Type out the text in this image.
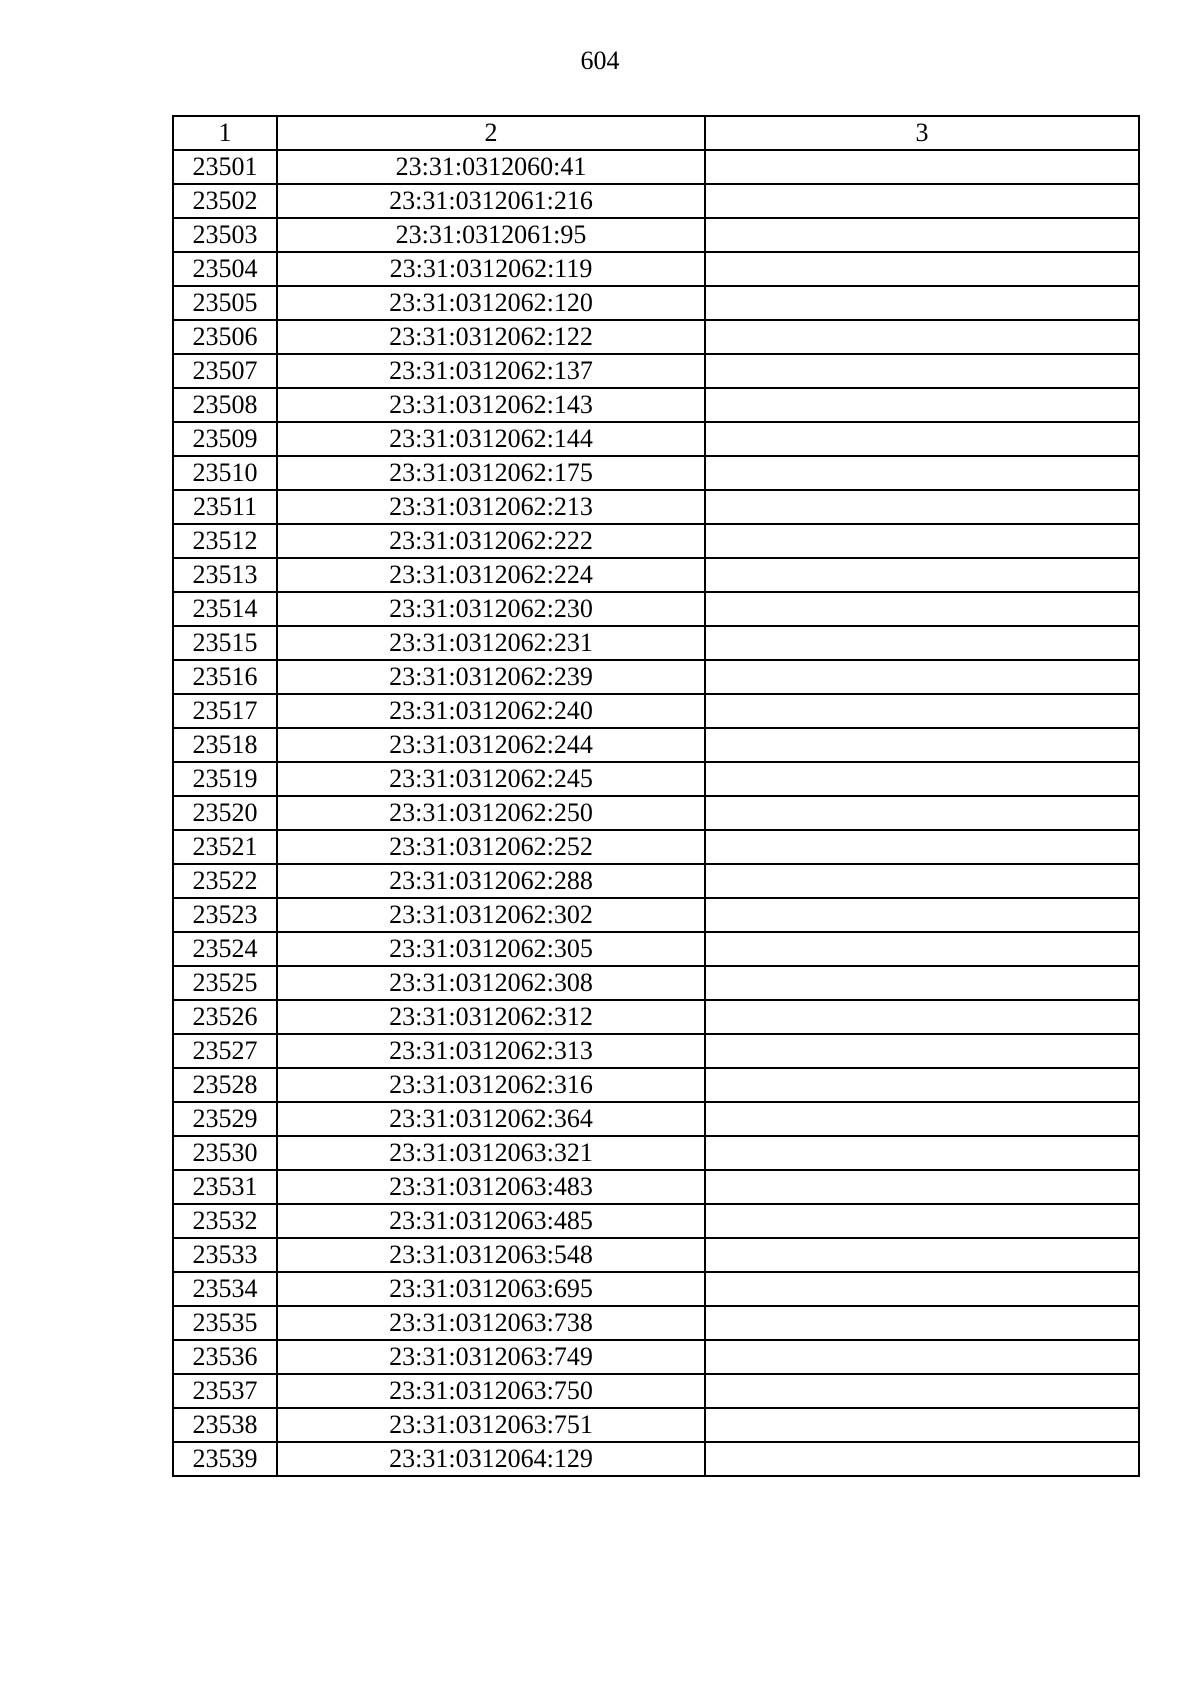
604
1	2	3
23501	23:31:0312060:41	
23502	23:31:0312061:216	
23503	23:31:0312061:95	
23504	23:31:0312062:119	
23505	23:31:0312062:120	
23506	23:31:0312062:122	
23507	23:31:0312062:137	
23508	23:31:0312062:143	
23509	23:31:0312062:144	
23510	23:31:0312062:175	
23511	23:31:0312062:213	
23512	23:31:0312062:222	
23513	23:31:0312062:224	
23514	23:31:0312062:230	
23515	23:31:0312062:231	
23516	23:31:0312062:239	
23517	23:31:0312062:240	
23518	23:31:0312062:244	
23519	23:31:0312062:245	
23520	23:31:0312062:250	
23521	23:31:0312062:252	
23522	23:31:0312062:288	
23523	23:31:0312062:302	
23524	23:31:0312062:305	
23525	23:31:0312062:308	
23526	23:31:0312062:312	
23527	23:31:0312062:313	
23528	23:31:0312062:316	
23529	23:31:0312062:364	
23530	23:31:0312063:321	
23531	23:31:0312063:483	
23532	23:31:0312063:485	
23533	23:31:0312063:548	
23534	23:31:0312063:695	
23535	23:31:0312063:738	
23536	23:31:0312063:749	
23537	23:31:0312063:750	
23538	23:31:0312063:751	
23539	23:31:0312064:129	
